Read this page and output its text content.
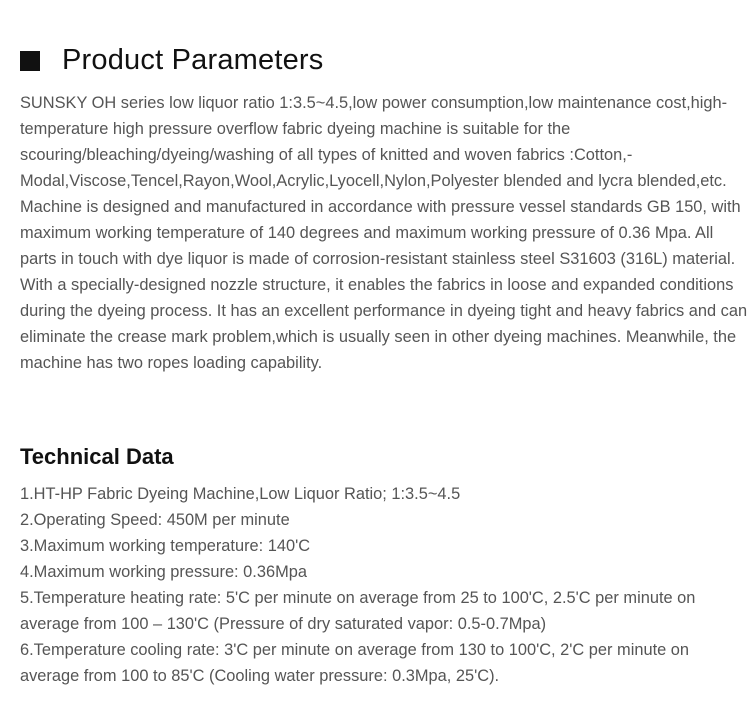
Product Parameters

SUNSKY OH series low liquor ratio 1:3.5~4.5,low power consumption,low maintenance cost,high-temperature high pressure overflow fabric dyeing machine is suitable for the scouring/bleaching/dyeing/washing of all types of knitted and woven fabrics :Cotton,-Modal,Viscose,Tencel,Rayon,Wool,Acrylic,Lyocell,Nylon,Polyester blended and lycra blended,etc.

Machine is designed and manufactured in accordance with pressure vessel standards GB 150, with maximum working temperature of 140 degrees and maximum working pressure of 0.36 Mpa. All parts in touch with dye liquor is made of corrosion-resistant stainless steel S31603 (316L) material. With a specially-designed nozzle structure, it enables the fabrics in loose and expanded conditions during the dyeing process. It has an excellent performance in dyeing tight and heavy fabrics and can eliminate the crease mark problem,which is usually seen in other dyeing machines. Meanwhile, the machine has two ropes loading capability.

Technical Data
1.HT-HP Fabric Dyeing Machine,Low Liquor Ratio; 1:3.5~4.5
2.Operating Speed: 450M per minute
3.Maximum working temperature: 140'C
4.Maximum working pressure: 0.36Mpa
5.Temperature heating rate: 5'C per minute on average from 25 to 100'C, 2.5'C per minute on average from 100 – 130'C (Pressure of dry saturated vapor: 0.5-0.7Mpa)
6.Temperature cooling rate: 3'C per minute on average from 130 to 100'C, 2'C per minute on average from 100 to 85'C (Cooling water pressure: 0.3Mpa, 25'C).
